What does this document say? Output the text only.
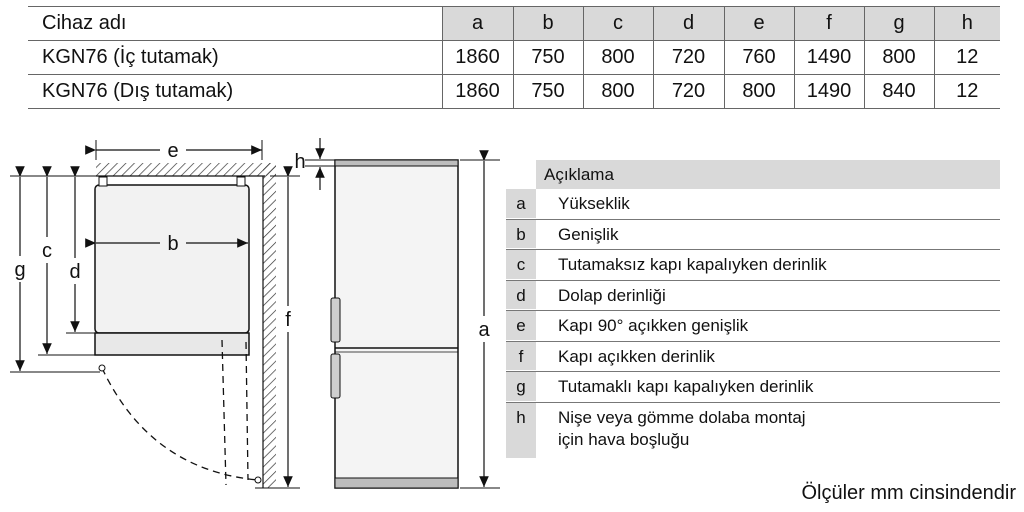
Cihaz adı	a	b	c	d	e	f	g	h
KGN76 (İç tutamak)	1860	750	800	720	760	1490	800	12
KGN76 (Dış tutamak)	1860	750	800	720	800	1490	840	12
e
b
g
c
d
f
h
a
Açıklama
a	Yükseklik
b	Genişlik
c	Tutamaksız kapı kapalıyken derinlik
d	Dolap derinliği
e	Kapı 90° açıkken genişlik
f	Kapı açıkken derinlik
g	Tutamaklı kapı kapalıyken derinlik
h	Nişe veya gömme dolaba montaj
için hava boşluğu
Ölçüler mm cinsindendir
